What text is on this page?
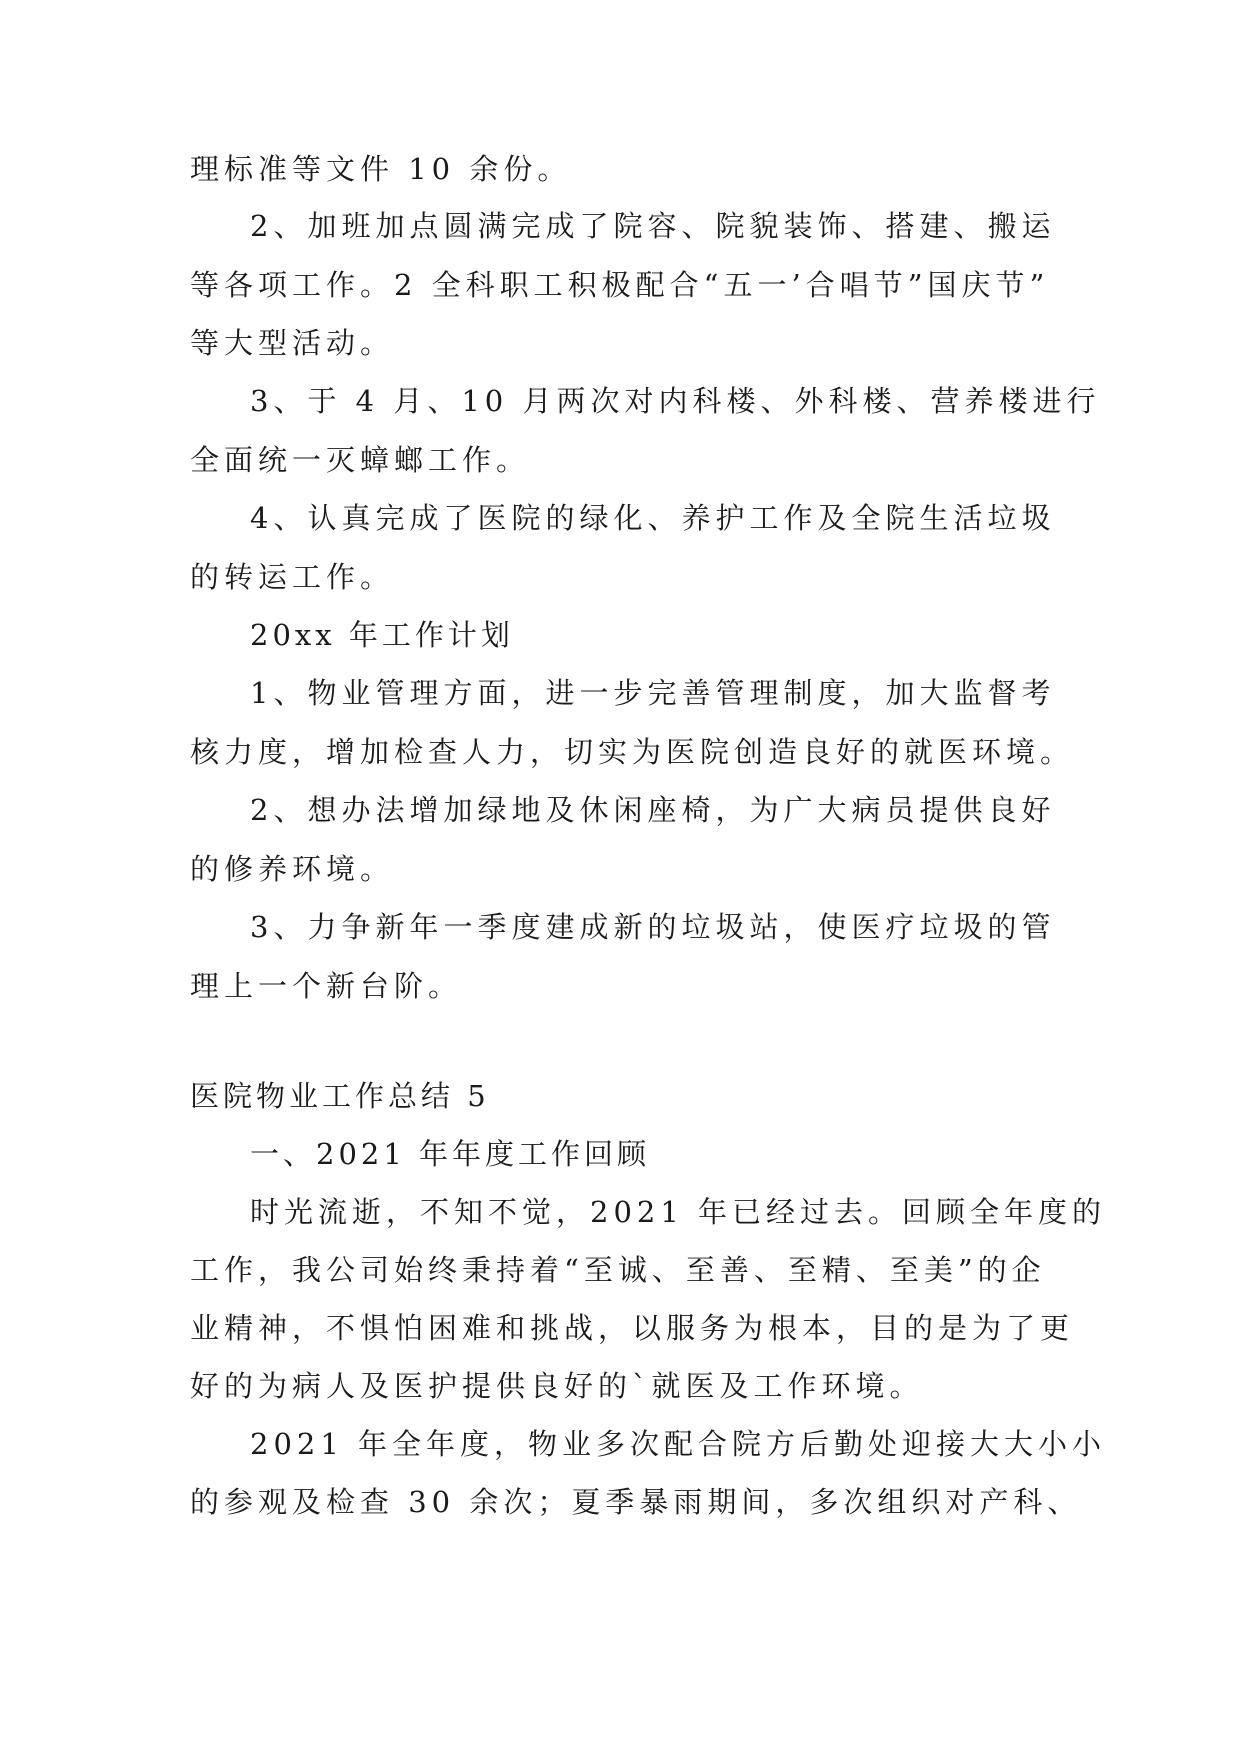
理标准等文件 10 余份。
2、加班加点圆满完成了院容、院貌装饰、搭建、搬运
等各项工作。2 全科职工积极配合“五一’合唱节”国庆节”
等大型活动。
3、于 4 月、10 月两次对内科楼、外科楼、营养楼进行
全面统一灭蟑螂工作。
4、认真完成了医院的绿化、养护工作及全院生活垃圾
的转运工作。
20xx 年工作计划
1、物业管理方面，进一步完善管理制度，加大监督考
核力度，增加检查人力，切实为医院创造良好的就医环境。
2、想办法增加绿地及休闲座椅，为广大病员提供良好
的修养环境。
3、力争新年一季度建成新的垃圾站，使医疗垃圾的管
理上一个新台阶。
医院物业工作总结 5
一、2021 年年度工作回顾
时光流逝，不知不觉，2021 年已经过去。回顾全年度的
工作，我公司始终秉持着“至诚、至善、至精、至美”的企
业精神，不惧怕困难和挑战，以服务为根本，目的是为了更
好的为病人及医护提供良好的`就医及工作环境。
2021 年全年度，物业多次配合院方后勤处迎接大大小小
的参观及检查 30 余次；夏季暴雨期间，多次组织对产科、
